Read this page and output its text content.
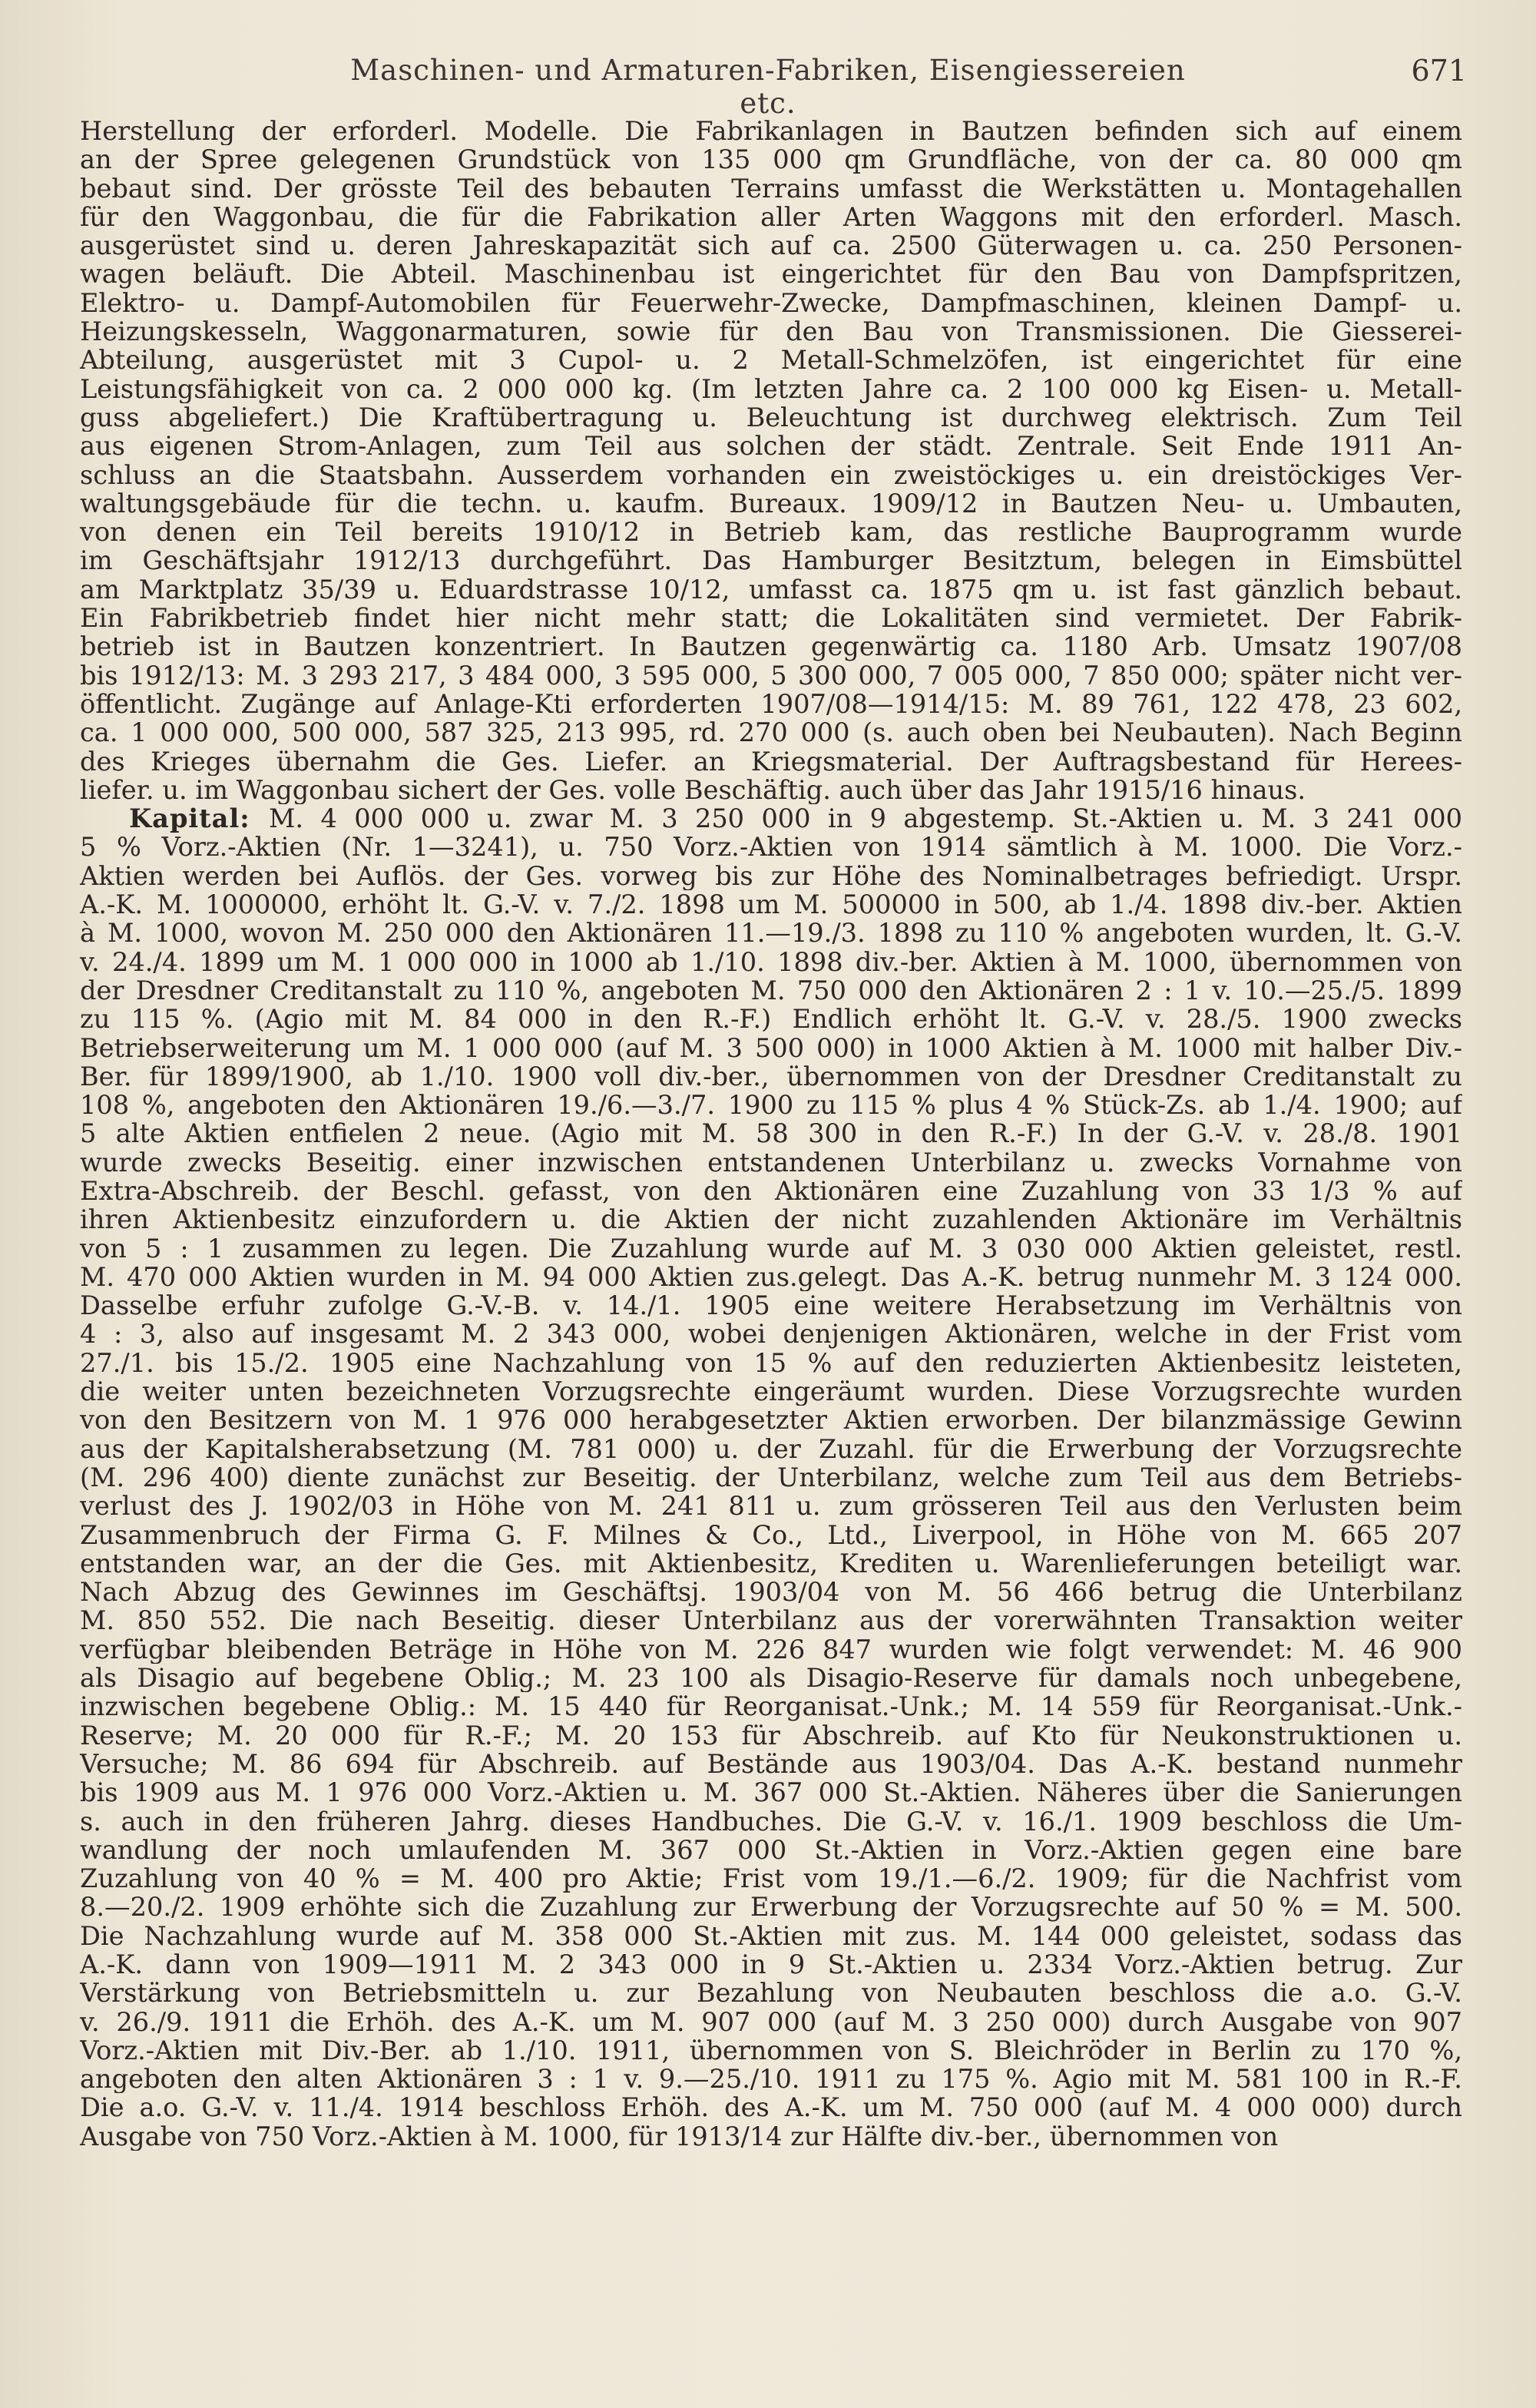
Maschinen- und Armaturen-Fabriken, Eisengiessereien etc.
671
Herstellung der erforderl. Modelle. Die Fabrikanlagen in Bautzen befinden sich auf einem
an der Spree gelegenen Grundstück von 135 000 qm Grundfläche, von der ca. 80 000 qm
bebaut sind. Der grösste Teil des bebauten Terrains umfasst die Werkstätten u. Montagehallen
für den Waggonbau, die für die Fabrikation aller Arten Waggons mit den erforderl. Masch.
ausgerüstet sind u. deren Jahreskapazität sich auf ca. 2500 Güterwagen u. ca. 250 Personen-
wagen beläuft. Die Abteil. Maschinenbau ist eingerichtet für den Bau von Dampfspritzen,
Elektro- u. Dampf-Automobilen für Feuerwehr-Zwecke, Dampfmaschinen, kleinen Dampf- u.
Heizungskesseln, Waggonarmaturen, sowie für den Bau von Transmissionen. Die Giesserei-
Abteilung, ausgerüstet mit 3 Cupol- u. 2 Metall-Schmelzöfen, ist eingerichtet für eine
Leistungsfähigkeit von ca. 2 000 000 kg. (Im letzten Jahre ca. 2 100 000 kg Eisen- u. Metall-
guss abgeliefert.) Die Kraftübertragung u. Beleuchtung ist durchweg elektrisch. Zum Teil
aus eigenen Strom-Anlagen, zum Teil aus solchen der städt. Zentrale. Seit Ende 1911 An-
schluss an die Staatsbahn. Ausserdem vorhanden ein zweistöckiges u. ein dreistöckiges Ver-
waltungsgebäude für die techn. u. kaufm. Bureaux. 1909/12 in Bautzen Neu- u. Umbauten,
von denen ein Teil bereits 1910/12 in Betrieb kam, das restliche Bauprogramm wurde
im Geschäftsjahr 1912/13 durchgeführt. Das Hamburger Besitztum, belegen in Eimsbüttel
am Marktplatz 35/39 u. Eduardstrasse 10/12, umfasst ca. 1875 qm u. ist fast gänzlich bebaut.
Ein Fabrikbetrieb findet hier nicht mehr statt; die Lokalitäten sind vermietet. Der Fabrik-
betrieb ist in Bautzen konzentriert. In Bautzen gegenwärtig ca. 1180 Arb. Umsatz 1907/08
bis 1912/13: M. 3 293 217, 3 484 000, 3 595 000, 5 300 000, 7 005 000, 7 850 000; später nicht ver-
öffentlicht. Zugänge auf Anlage-Kti erforderten 1907/08—1914/15: M. 89 761, 122 478, 23 602,
ca. 1 000 000, 500 000, 587 325, 213 995, rd. 270 000 (s. auch oben bei Neubauten). Nach Beginn
des Krieges übernahm die Ges. Liefer. an Kriegsmaterial. Der Auftragsbestand für Herees-
liefer. u. im Waggonbau sichert der Ges. volle Beschäftig. auch über das Jahr 1915/16 hinaus.
Kapital: M. 4 000 000 u. zwar M. 3 250 000 in 9 abgestemp. St.-Aktien u. M. 3 241 000
5 % Vorz.-Aktien (Nr. 1—3241), u. 750 Vorz.-Aktien von 1914 sämtlich à M. 1000. Die Vorz.-
Aktien werden bei Auflös. der Ges. vorweg bis zur Höhe des Nominalbetrages befriedigt. Urspr.
A.-K. M. 1000000, erhöht lt. G.-V. v. 7./2. 1898 um M. 500000 in 500, ab 1./4. 1898 div.-ber. Aktien
à M. 1000, wovon M. 250 000 den Aktionären 11.—19./3. 1898 zu 110 % angeboten wurden, lt. G.-V.
v. 24./4. 1899 um M. 1 000 000 in 1000 ab 1./10. 1898 div.-ber. Aktien à M. 1000, übernommen von
der Dresdner Creditanstalt zu 110 %, angeboten M. 750 000 den Aktionären 2 : 1 v. 10.—25./5. 1899
zu 115 %. (Agio mit M. 84 000 in den R.-F.) Endlich erhöht lt. G.-V. v. 28./5. 1900 zwecks
Betriebserweiterung um M. 1 000 000 (auf M. 3 500 000) in 1000 Aktien à M. 1000 mit halber Div.-
Ber. für 1899/1900, ab 1./10. 1900 voll div.-ber., übernommen von der Dresdner Creditanstalt zu
108 %, angeboten den Aktionären 19./6.—3./7. 1900 zu 115 % plus 4 % Stück-Zs. ab 1./4. 1900; auf
5 alte Aktien entfielen 2 neue. (Agio mit M. 58 300 in den R.-F.) In der G.-V. v. 28./8. 1901
wurde zwecks Beseitig. einer inzwischen entstandenen Unterbilanz u. zwecks Vornahme von
Extra-Abschreib. der Beschl. gefasst, von den Aktionären eine Zuzahlung von 33 1/3 % auf
ihren Aktienbesitz einzufordern u. die Aktien der nicht zuzahlenden Aktionäre im Verhältnis
von 5 : 1 zusammen zu legen. Die Zuzahlung wurde auf M. 3 030 000 Aktien geleistet, restl.
M. 470 000 Aktien wurden in M. 94 000 Aktien zus.gelegt. Das A.-K. betrug nunmehr M. 3 124 000.
Dasselbe erfuhr zufolge G.-V.-B. v. 14./1. 1905 eine weitere Herabsetzung im Verhältnis von
4 : 3, also auf insgesamt M. 2 343 000, wobei denjenigen Aktionären, welche in der Frist vom
27./1. bis 15./2. 1905 eine Nachzahlung von 15 % auf den reduzierten Aktienbesitz leisteten,
die weiter unten bezeichneten Vorzugsrechte eingeräumt wurden. Diese Vorzugsrechte wurden
von den Besitzern von M. 1 976 000 herabgesetzter Aktien erworben. Der bilanzmässige Gewinn
aus der Kapitalsherabsetzung (M. 781 000) u. der Zuzahl. für die Erwerbung der Vorzugsrechte
(M. 296 400) diente zunächst zur Beseitig. der Unterbilanz, welche zum Teil aus dem Betriebs-
verlust des J. 1902/03 in Höhe von M. 241 811 u. zum grösseren Teil aus den Verlusten beim
Zusammenbruch der Firma G. F. Milnes & Co., Ltd., Liverpool, in Höhe von M. 665 207
entstanden war, an der die Ges. mit Aktienbesitz, Krediten u. Warenlieferungen beteiligt war.
Nach Abzug des Gewinnes im Geschäftsj. 1903/04 von M. 56 466 betrug die Unterbilanz
M. 850 552. Die nach Beseitig. dieser Unterbilanz aus der vorerwähnten Transaktion weiter
verfügbar bleibenden Beträge in Höhe von M. 226 847 wurden wie folgt verwendet: M. 46 900
als Disagio auf begebene Oblig.; M. 23 100 als Disagio-Reserve für damals noch unbegebene,
inzwischen begebene Oblig.: M. 15 440 für Reorganisat.-Unk.; M. 14 559 für Reorganisat.-Unk.-
Reserve; M. 20 000 für R.-F.; M. 20 153 für Abschreib. auf Kto für Neukonstruktionen u.
Versuche; M. 86 694 für Abschreib. auf Bestände aus 1903/04. Das A.-K. bestand nunmehr
bis 1909 aus M. 1 976 000 Vorz.-Aktien u. M. 367 000 St.-Aktien. Näheres über die Sanierungen
s. auch in den früheren Jahrg. dieses Handbuches. Die G.-V. v. 16./1. 1909 beschloss die Um-
wandlung der noch umlaufenden M. 367 000 St.-Aktien in Vorz.-Aktien gegen eine bare
Zuzahlung von 40 % = M. 400 pro Aktie; Frist vom 19./1.—6./2. 1909; für die Nachfrist vom
8.—20./2. 1909 erhöhte sich die Zuzahlung zur Erwerbung der Vorzugsrechte auf 50 % = M. 500.
Die Nachzahlung wurde auf M. 358 000 St.-Aktien mit zus. M. 144 000 geleistet, sodass das
A.-K. dann von 1909—1911 M. 2 343 000 in 9 St.-Aktien u. 2334 Vorz.-Aktien betrug. Zur
Verstärkung von Betriebsmitteln u. zur Bezahlung von Neubauten beschloss die a.o. G.-V.
v. 26./9. 1911 die Erhöh. des A.-K. um M. 907 000 (auf M. 3 250 000) durch Ausgabe von 907
Vorz.-Aktien mit Div.-Ber. ab 1./10. 1911, übernommen von S. Bleichröder in Berlin zu 170 %,
angeboten den alten Aktionären 3 : 1 v. 9.—25./10. 1911 zu 175 %. Agio mit M. 581 100 in R.-F.
Die a.o. G.-V. v. 11./4. 1914 beschloss Erhöh. des A.-K. um M. 750 000 (auf M. 4 000 000) durch
Ausgabe von 750 Vorz.-Aktien à M. 1000, für 1913/14 zur Hälfte div.-ber., übernommen von
